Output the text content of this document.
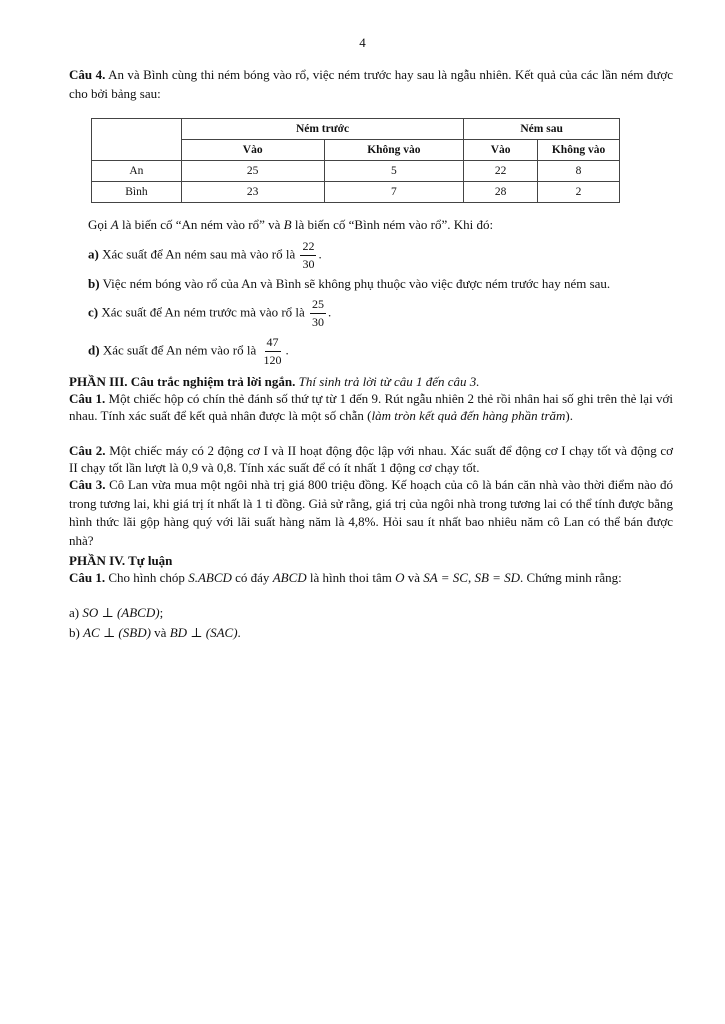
4
Câu 4. An và Bình cùng thi ném bóng vào rổ, việc ném trước hay sau là ngẫu nhiên. Kết quả của các lần ném được cho bởi bảng sau:
	Ném trước		Ném sau	
	Vào	Không vào	Vào	Không vào
An	25	5	22	8
Bình	23	7	28	2
Gọi A là biến cố “An ném vào rổ” và B là biến cố “Bình ném vào rổ”. Khi đó:
a) Xác suất để An ném sau mà vào rổ là $\frac{22}{30}$ .
b) Việc ném bóng vào rổ của An và Bình sẽ không phụ thuộc vào việc được ném trước hay ném sau.
c) Xác suất để An ném trước mà vào rổ là $\frac{25}{30}$ .
d) Xác suất để An ném vào rổ là $\frac{47}{120}$ .
PHẦN III. Câu trắc nghiệm trả lời ngắn. Thí sinh trả lời từ câu 1 đến câu 3.
Câu 1. Một chiếc hộp có chín thẻ đánh số thứ tự từ 1 đến 9. Rút ngẫu nhiên 2 thẻ rồi nhân hai số ghi trên thẻ lại với nhau. Tính xác suất để kết quả nhân được là một số chẵn (làm tròn kết quả đến hàng phần trăm).
Câu 2. Một chiếc máy có 2 động cơ I và II hoạt động độc lập với nhau. Xác suất để động cơ I chạy tốt và động cơ II chạy tốt lần lượt là 0,9 và 0,8. Tính xác suất để có ít nhất 1 động cơ chạy tốt.
Câu 3. Cô Lan vừa mua một ngôi nhà trị giá 800 triệu đồng. Kế hoạch của cô là bán căn nhà vào thời điểm nào đó trong tương lai, khi giá trị ít nhất là 1 tỉ đồng. Giả sử rằng, giá trị của ngôi nhà trong tương lai có thể tính được bằng hình thức lãi gộp hàng quý với lãi suất hàng năm là 4,8%. Hỏi sau ít nhất bao nhiêu năm cô Lan có thể bán được nhà?
PHẦN IV. Tự luận
Câu 1. Cho hình chóp S.ABCD có đáy ABCD là hình thoi tâm O và SA = SC, SB = SD. Chứng minh rằng:
a) SO ⊥ (ABCD);
b) AC ⊥ (SBD) và BD ⊥ (SAC).
